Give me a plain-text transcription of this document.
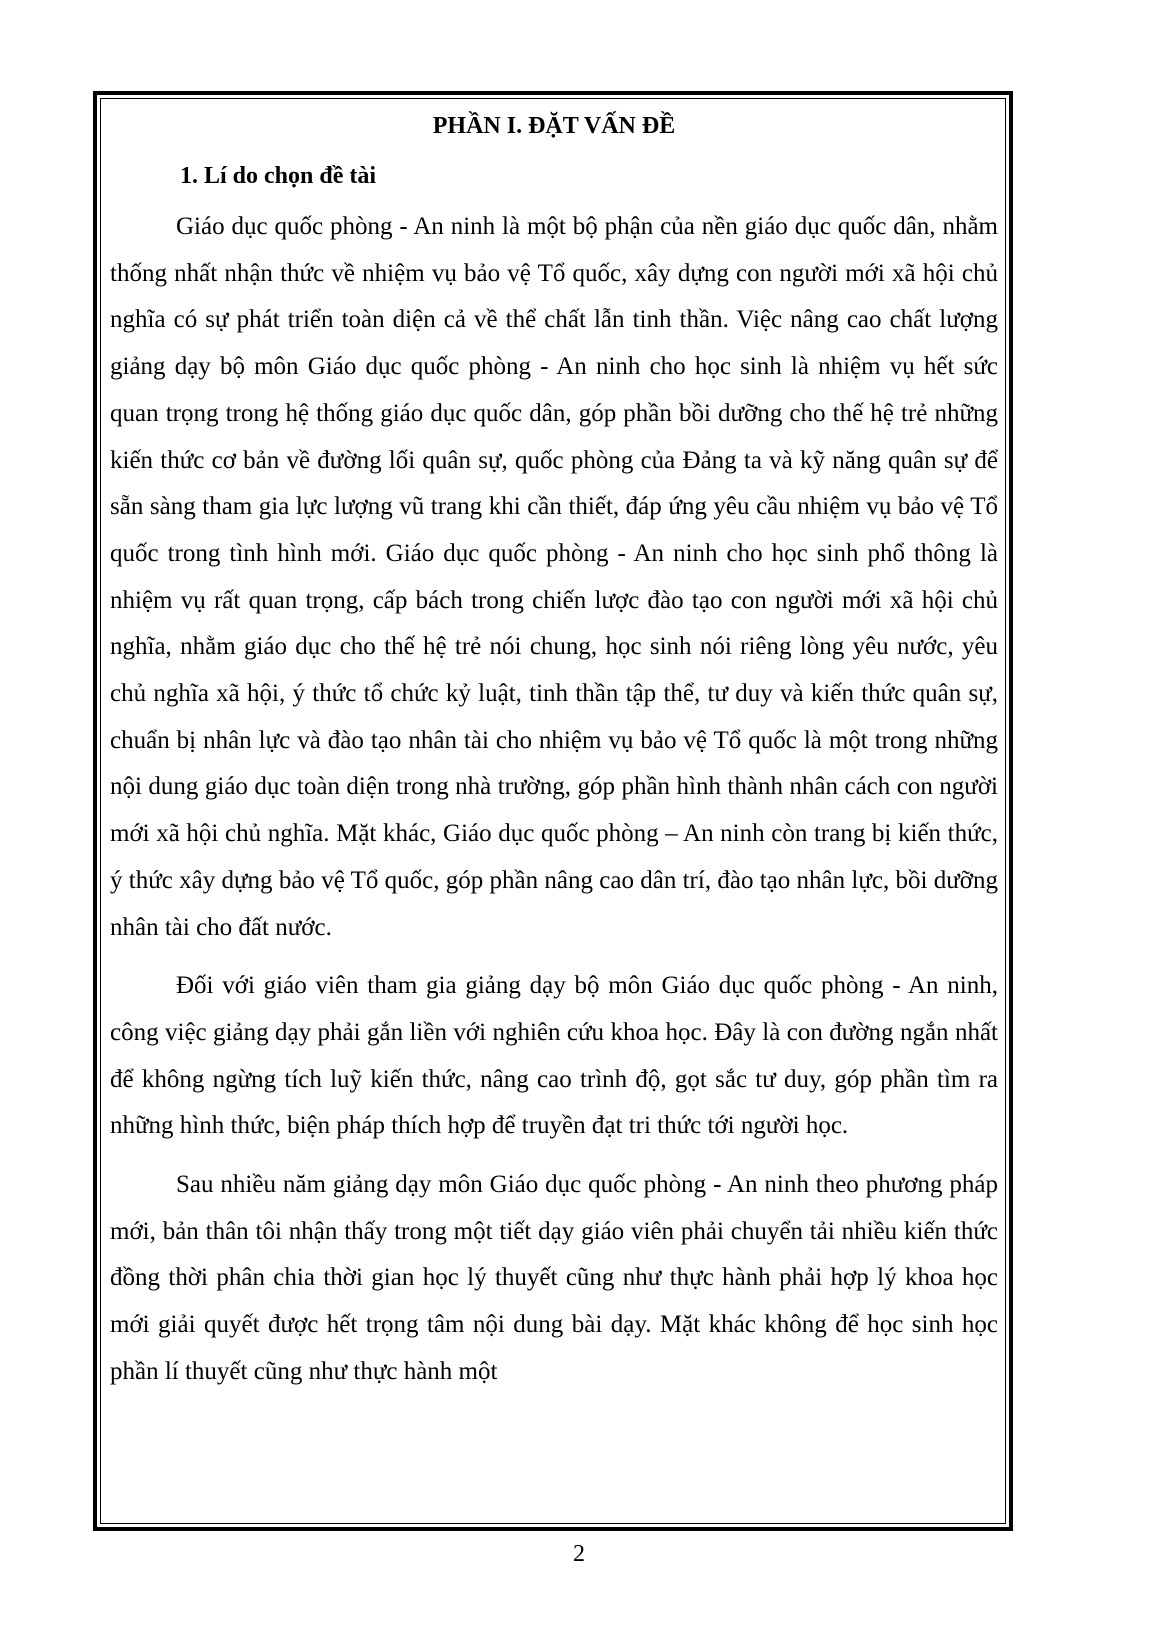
PHẦN I. ĐẶT VẤN ĐỀ
1. Lí do chọn đề tài

Giáo dục quốc phòng - An ninh là một bộ phận của nền giáo dục quốc dân, nhằm thống nhất nhận thức về nhiệm vụ bảo vệ Tổ quốc, xây dựng con người mới xã hội chủ nghĩa có sự phát triển toàn diện cả về thể chất lẫn tinh thần. Việc nâng cao chất lượng giảng dạy bộ môn Giáo dục quốc phòng - An ninh cho học sinh là nhiệm vụ hết sức quan trọng trong hệ thống giáo dục quốc dân, góp phần bồi dưỡng cho thế hệ trẻ những kiến thức cơ bản về đường lối quân sự, quốc phòng của Đảng ta và kỹ năng quân sự để sẵn sàng tham gia lực lượng vũ trang khi cần thiết, đáp ứng yêu cầu nhiệm vụ bảo vệ Tổ quốc trong tình hình mới. Giáo dục quốc phòng - An ninh cho học sinh phổ thông là nhiệm vụ rất quan trọng, cấp bách trong chiến lược đào tạo con người mới xã hội chủ nghĩa, nhằm giáo dục cho thế hệ trẻ nói chung, học sinh nói riêng lòng yêu nước, yêu chủ nghĩa xã hội, ý thức tổ chức kỷ luật, tinh thần tập thể, tư duy và kiến thức quân sự, chuẩn bị nhân lực và đào tạo nhân tài cho nhiệm vụ bảo vệ Tổ quốc là một trong những nội dung giáo dục toàn diện trong nhà trường, góp phần hình thành nhân cách con người mới xã hội chủ nghĩa. Mặt khác, Giáo dục quốc phòng – An ninh còn trang bị kiến thức, ý thức xây dựng bảo vệ Tổ quốc, góp phần nâng cao dân trí, đào tạo nhân lực, bồi dưỡng nhân tài cho đất nước.

Đối với giáo viên tham gia giảng dạy bộ môn Giáo dục quốc phòng - An ninh, công việc giảng dạy phải gắn liền với nghiên cứu khoa học. Đây là con đường ngắn nhất để không ngừng tích luỹ kiến thức, nâng cao trình độ, gọt sắc tư duy, góp phần tìm ra những hình thức, biện pháp thích hợp để truyền đạt tri thức tới người học.

Sau nhiều năm giảng dạy môn Giáo dục quốc phòng - An ninh theo phương pháp mới, bản thân tôi nhận thấy trong một tiết dạy giáo viên phải chuyển tải nhiều kiến thức đồng thời phân chia thời gian học lý thuyết cũng như thực hành phải hợp lý khoa học mới giải quyết được hết trọng tâm nội dung bài dạy. Mặt khác không để học sinh học phần lí thuyết cũng như thực hành một

2
